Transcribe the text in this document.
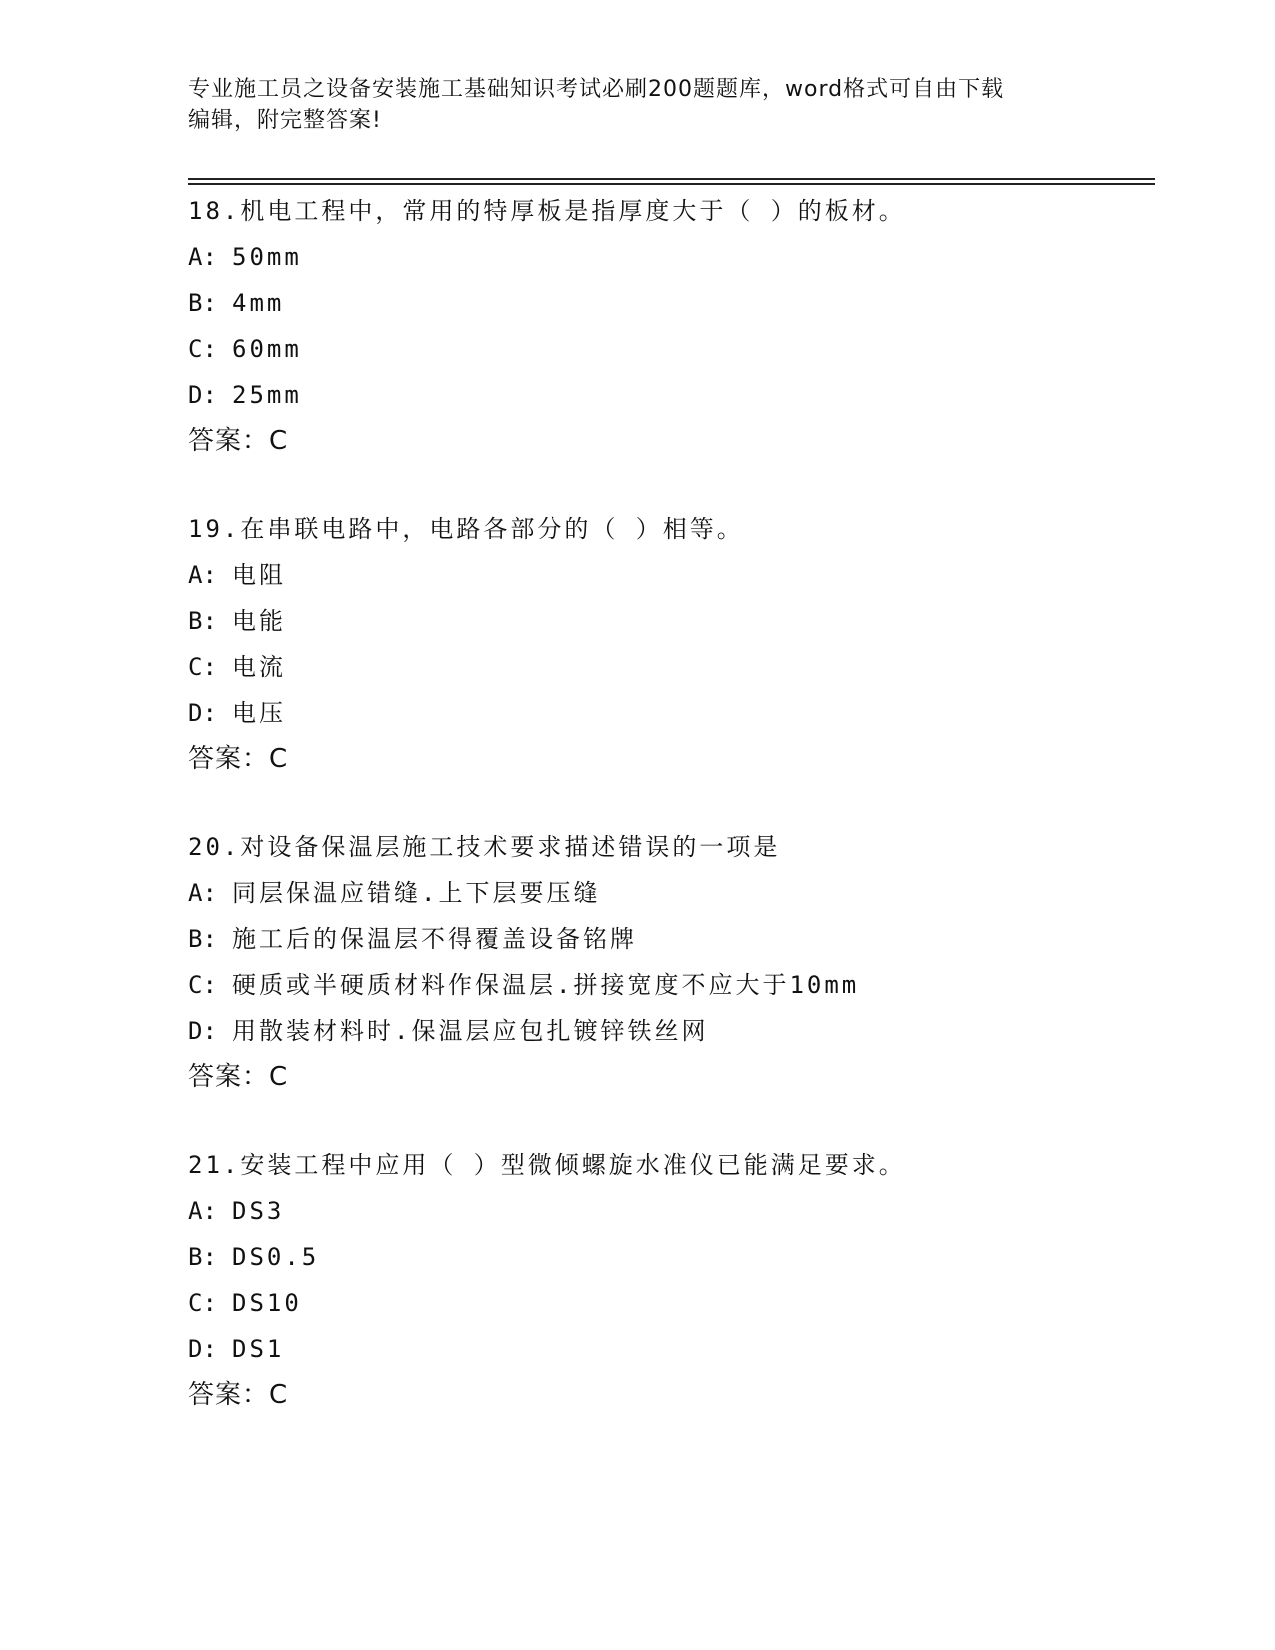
专业施工员之设备安装施工基础知识考试必刷200题题库，word格式可自由下载
编辑，附完整答案!
18.机电工程中，常用的特厚板是指厚度大于（ ）的板材。
A: 50mm
B: 4mm
C: 60mm
D: 25mm
答案：C
19.在串联电路中，电路各部分的（ ）相等。
A: 电阻
B: 电能
C: 电流
D: 电压
答案：C
20.对设备保温层施工技术要求描述错误的一项是
A: 同层保温应错缝.上下层要压缝
B: 施工后的保温层不得覆盖设备铭牌
C: 硬质或半硬质材料作保温层.拼接宽度不应大于10mm
D: 用散装材料时.保温层应包扎镀锌铁丝网
答案：C
21.安装工程中应用（ ）型微倾螺旋水准仪已能满足要求。
A: DS3
B: DS0.5
C: DS10
D: DS1
答案：C
